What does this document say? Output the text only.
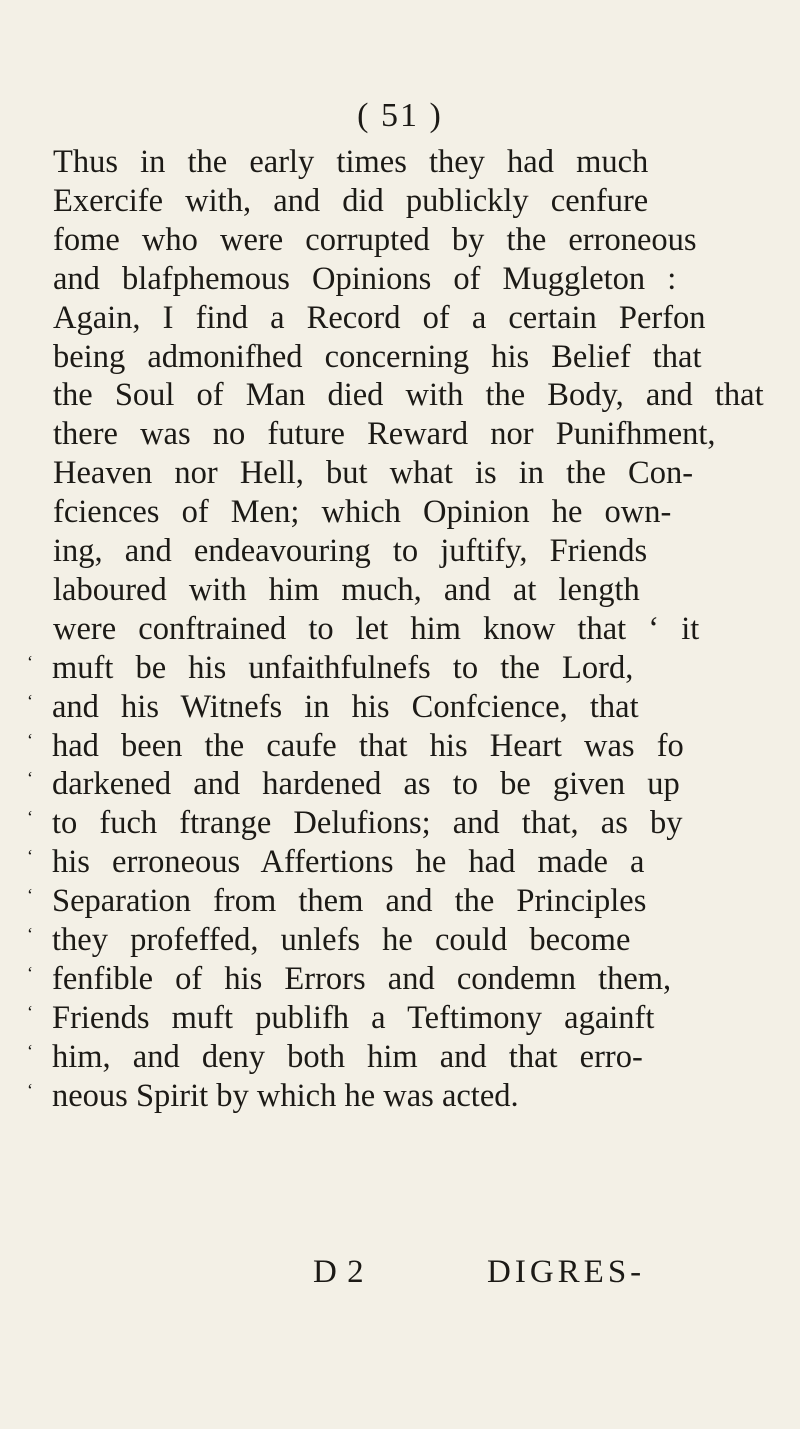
( 51 )
Thus in the early times they had much
Exercife with, and did publickly cenfure
fome who were corrupted by the erroneous
and blafphemous Opinions of Muggleton :
Again, I find a Record of a certain Perfon
being admonifhed concerning his Belief that
the Soul of Man died with the Body, and that
there was no future Reward nor Punifhment,
Heaven nor Hell, but what is in the Con-
fciences of Men; which Opinion he own-
ing, and endeavouring to juftify, Friends
laboured with him much, and at length
were conftrained to let him know that ‘ it
‘ muft be his unfaithfulnefs to the Lord,
‘ and his Witnefs in his Confcience, that
‘ had been the caufe that his Heart was fo
‘ darkened and hardened as to be given up
‘ to fuch ftrange Delufions; and that, as by
‘ his erroneous Affertions he had made a
‘ Separation from them and the Principles
‘ they profeffed, unlefs he could become
‘ fenfible of his Errors and condemn them,
‘ Friends muft publifh a Teftimony againft
‘ him, and deny both him and that erro-
‘ neous Spirit by which he was acted.
D 2	DIGRES-
